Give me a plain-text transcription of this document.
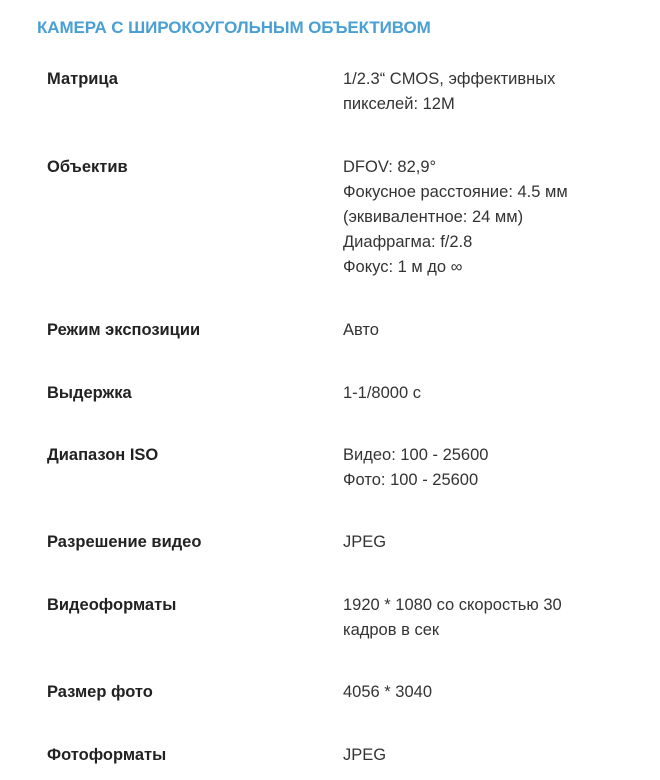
КАМЕРА С ШИРОКОУГОЛЬНЫМ ОБЪЕКТИВОМ
Матрица	1/2.3“ CMOS, эффективных
пикселей: 12М
Объектив	DFOV: 82,9°
Фокусное расстояние: 4.5 мм
(эквивалентное: 24 мм)
Диафрагма: f/2.8
Фокус: 1 м до ∞
Режим экспозиции	Авто
Выдержка	1-1/8000 с
Диапазон ISO	Видео: 100 - 25600
Фото: 100 - 25600
Разрешение видео	JPEG
Видеоформаты	1920 * 1080 со скоростью 30
кадров в сек
Размер фото	4056 * 3040
Фотоформаты	JPEG
